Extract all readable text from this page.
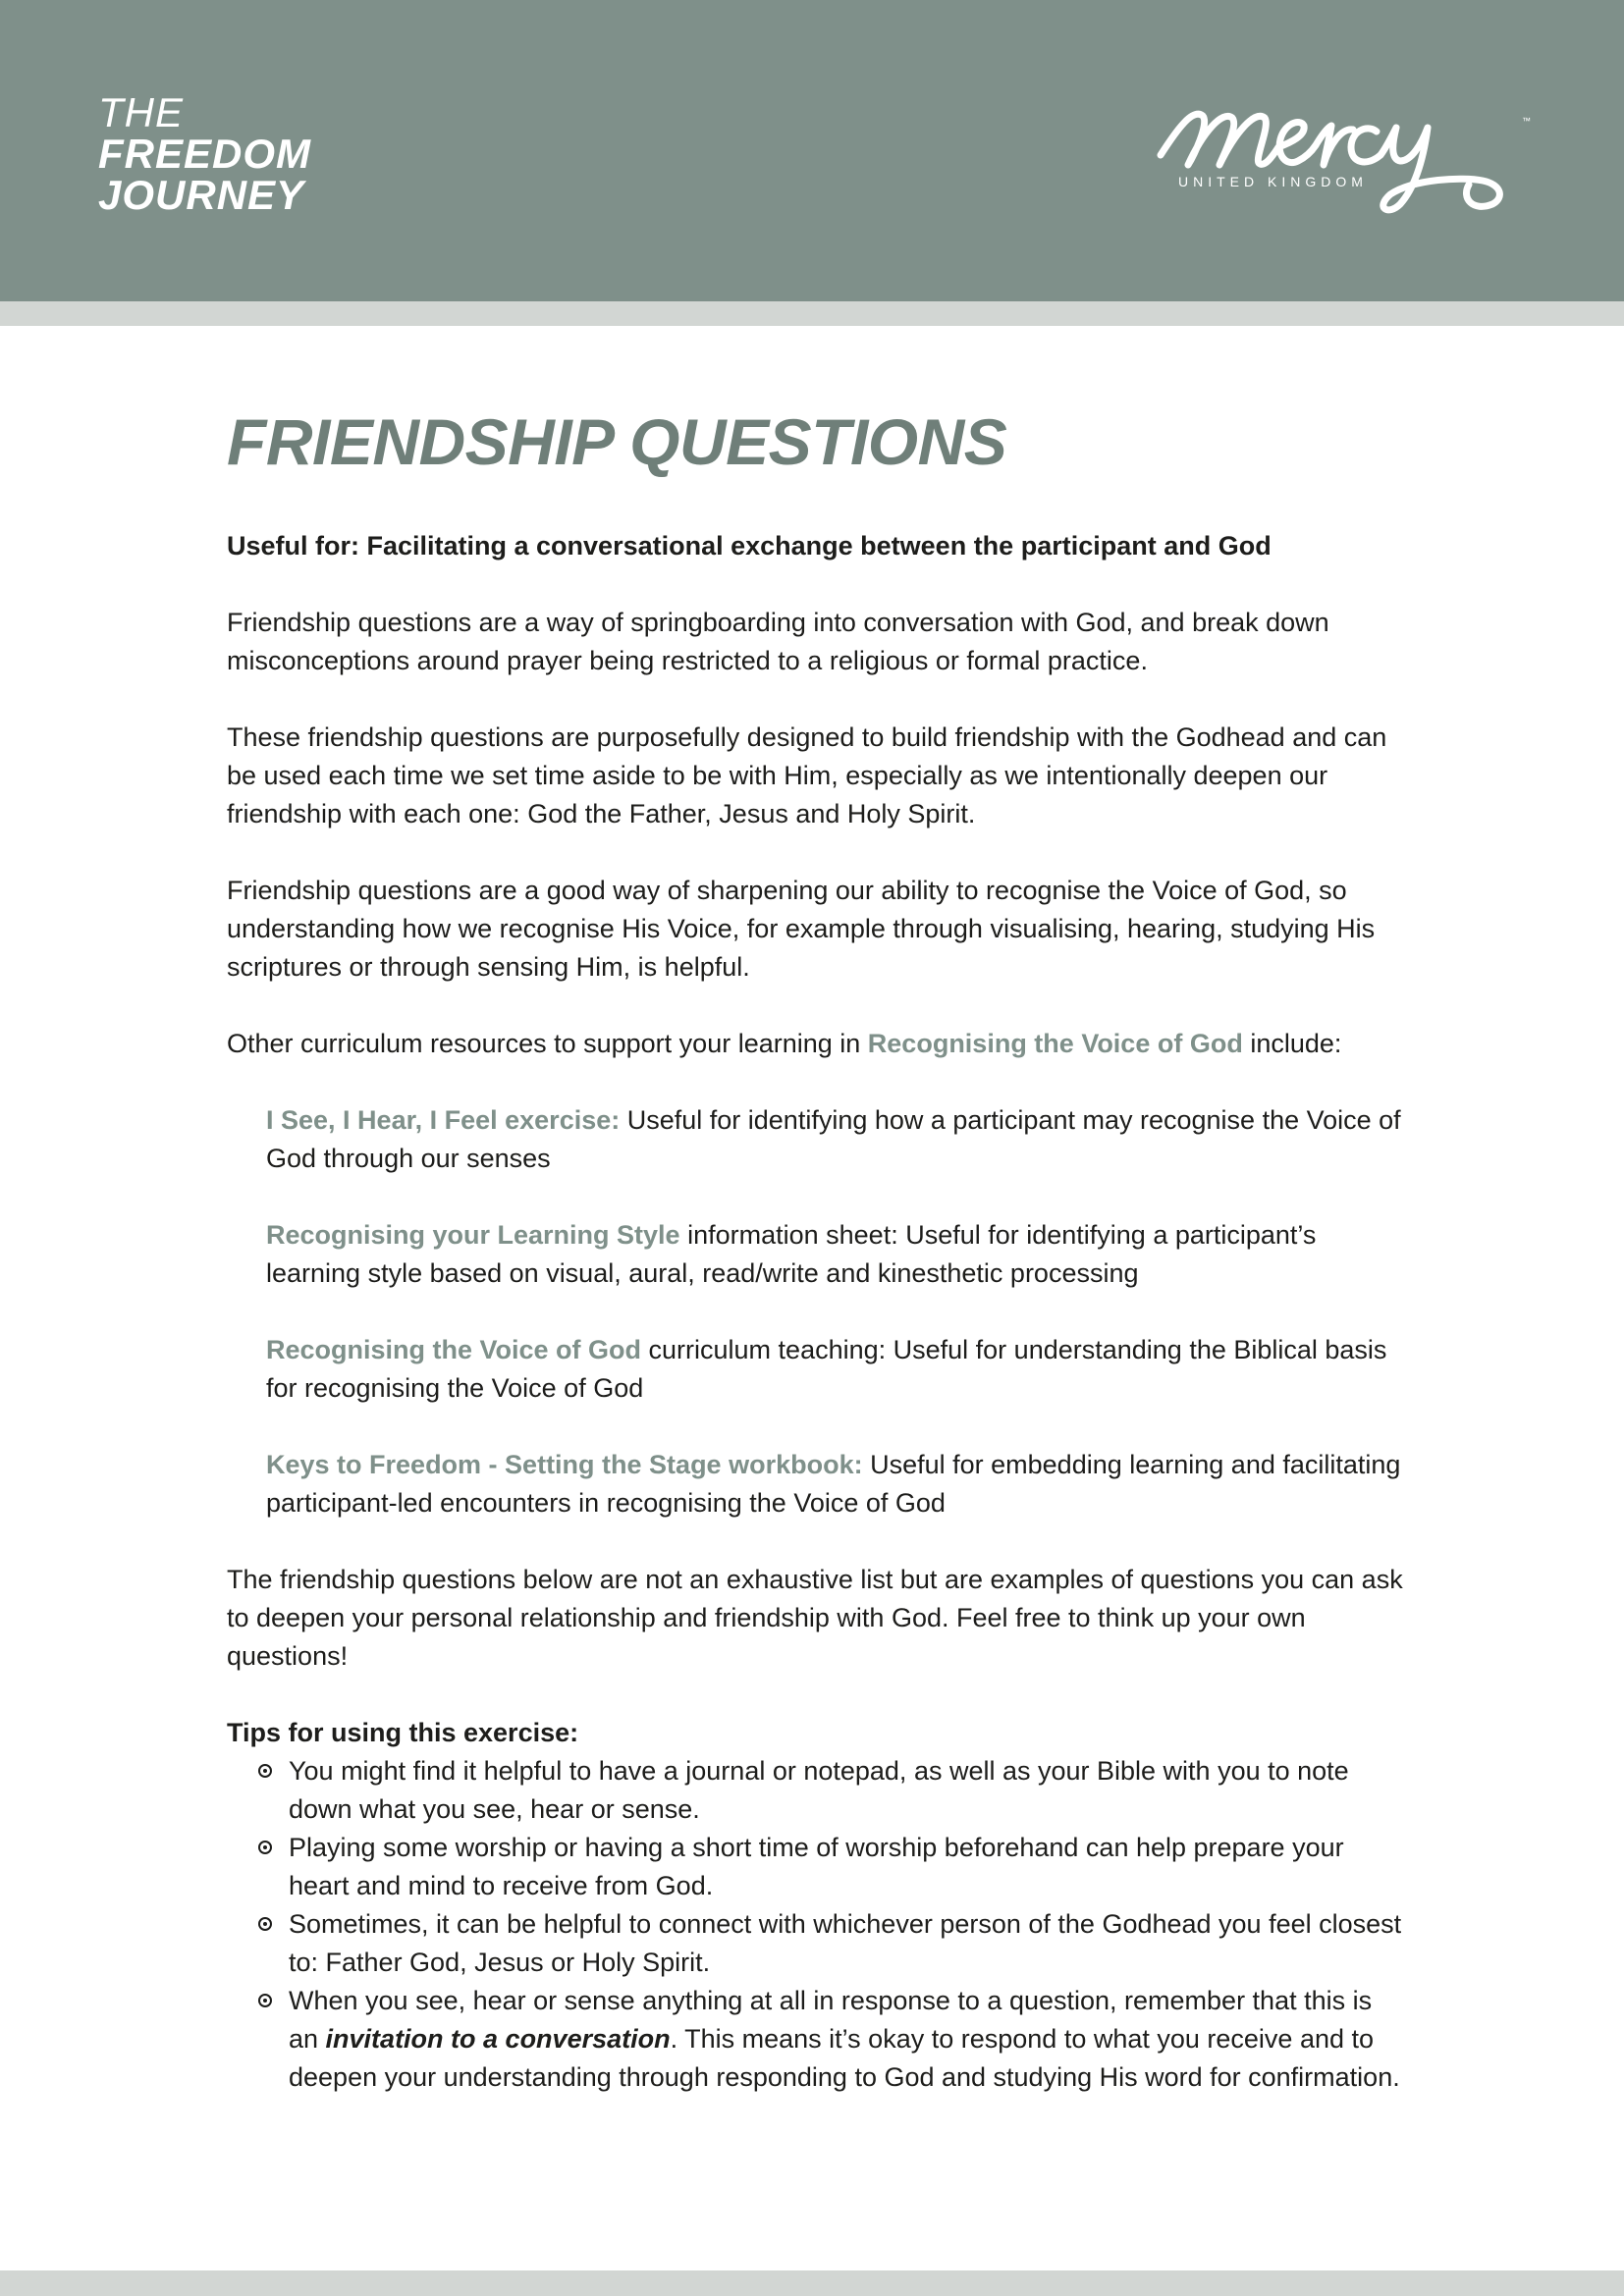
THE
FREEDOM
JOURNEY
™
UNITED KINGDOM
FRIENDSHIP QUESTIONS

Useful for: Facilitating a conversational exchange between the participant and God

Friendship questions are a way of springboarding into conversation with God, and break down misconceptions around prayer being restricted to a religious or formal practice.

These friendship questions are purposefully designed to build friendship with the Godhead and can be used each time we set time aside to be with Him, especially as we intentionally deepen our friendship with each one: God the Father, Jesus and Holy Spirit.

Friendship questions are a good way of sharpening our ability to recognise the Voice of God, so understanding how we recognise His Voice, for example through visualising, hearing, studying His scriptures or through sensing Him, is helpful.

Other curriculum resources to support your learning in Recognising the Voice of God include:

I See, I Hear, I Feel exercise: Useful for identifying how a participant may recognise the Voice of God through our senses

Recognising your Learning Style information sheet: Useful for identifying a participant’s learning style based on visual, aural, read/write and kinesthetic processing

Recognising the Voice of God curriculum teaching: Useful for understanding the Biblical basis for recognising the Voice of God

Keys to Freedom - Setting the Stage workbook: Useful for embedding learning and facilitating participant-led encounters in recognising the Voice of God

The friendship questions below are not an exhaustive list but are examples of questions you can ask to deepen your personal relationship and friendship with God. Feel free to think up your own questions!

Tips for using this exercise:

You might find it helpful to have a journal or notepad, as well as your Bible with you to note down what you see, hear or sense.
Playing some worship or having a short time of worship beforehand can help prepare your heart and mind to receive from God.
Sometimes, it can be helpful to connect with whichever person of the Godhead you feel closest to: Father God, Jesus or Holy Spirit.
When you see, hear or sense anything at all in response to a question, remember that this is an invitation to a conversation. This means it’s okay to respond to what you receive and to deepen your understanding through responding to God and studying His word for confirmation.
